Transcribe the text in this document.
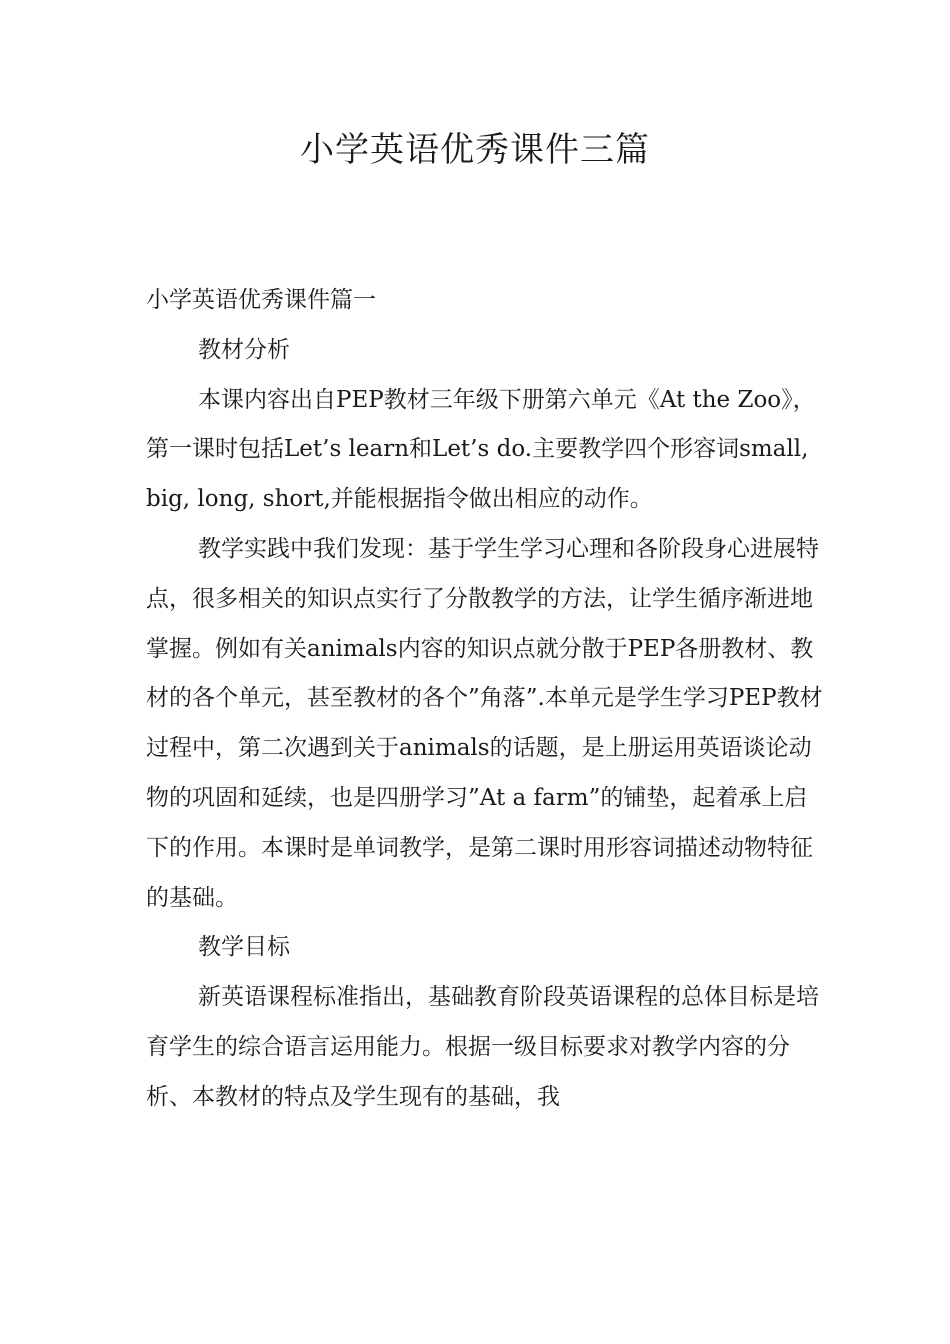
小学英语优秀课件三篇

小学英语优秀课件篇一

教材分析

本课内容出自PEP教材三年级下册第六单元《At the Zoo》，第一课时包括Let’s learn和Let’s do.主要教学四个形容词small, big, long, short,并能根据指令做出相应的动作。

教学实践中我们发现：基于学生学习心理和各阶段身心进展特点，很多相关的知识点实行了分散教学的方法，让学生循序渐进地掌握。例如有关animals内容的知识点就分散于PEP各册教材、教材的各个单元，甚至教材的各个”角落”.本单元是学生学习PEP教材过程中，第二次遇到关于animals的话题，是上册运用英语谈论动物的巩固和延续，也是四册学习”At a farm”的铺垫，起着承上启下的作用。本课时是单词教学，是第二课时用形容词描述动物特征的基础。

教学目标

新英语课程标准指出，基础教育阶段英语课程的总体目标是培育学生的综合语言运用能力。根据一级目标要求对教学内容的分析、本教材的特点及学生现有的基础，我
